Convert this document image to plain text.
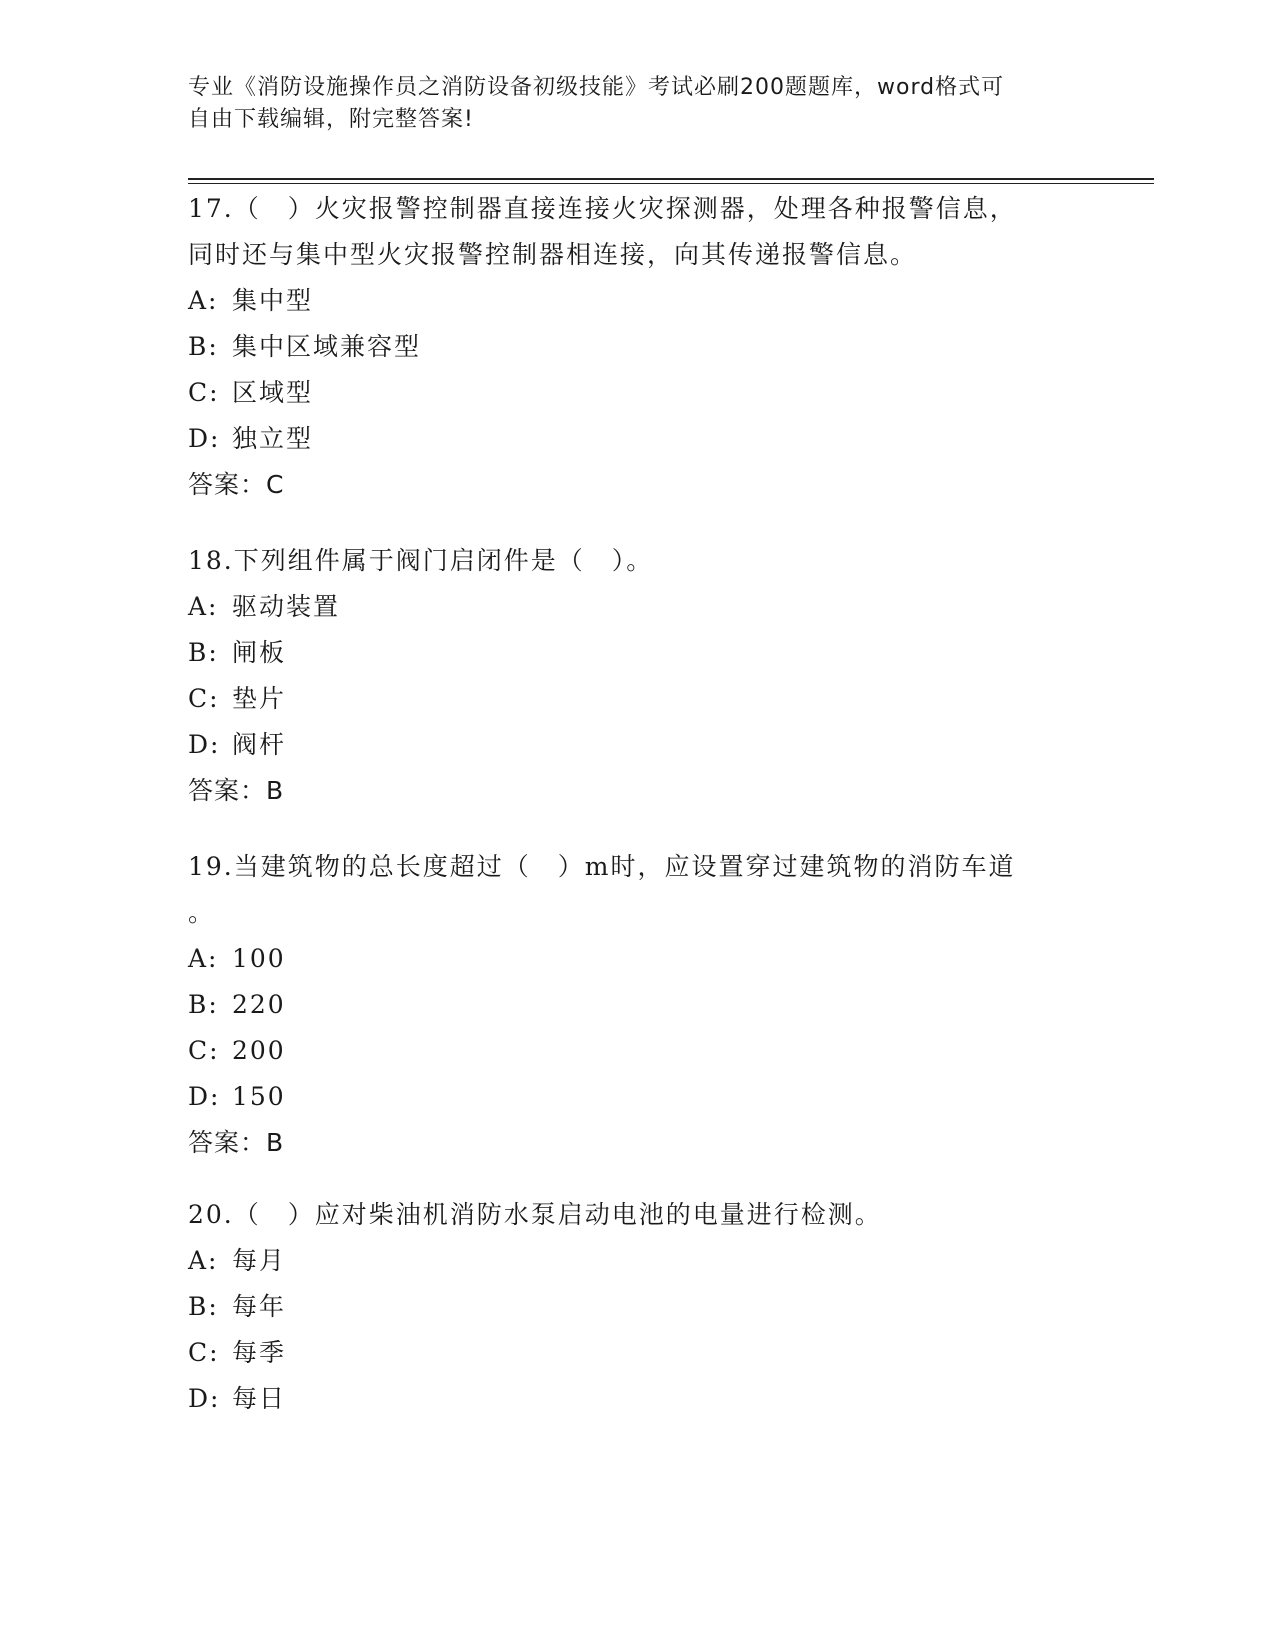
专业《消防设施操作员之消防设备初级技能》考试必刷200题题库，word格式可
自由下载编辑，附完整答案!
17.（　）火灾报警控制器直接连接火灾探测器，处理各种报警信息，
同时还与集中型火灾报警控制器相连接，向其传递报警信息。
A: 集中型
B: 集中区域兼容型
C: 区域型
D: 独立型
答案：C
18.下列组件属于阀门启闭件是（　）。
A: 驱动装置
B: 闸板
C: 垫片
D: 阀杆
答案：B
19.当建筑物的总长度超过（　）m时，应设置穿过建筑物的消防车道
。
A: 100
B: 220
C: 200
D: 150
答案：B
20.（　）应对柴油机消防水泵启动电池的电量进行检测。
A: 每月
B: 每年
C: 每季
D: 每日
